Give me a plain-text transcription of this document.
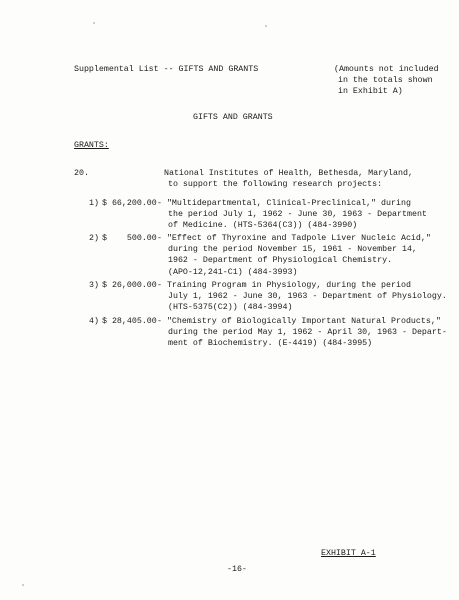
Supplemental List -- GIFTS AND GRANTS	(Amounts not included
in the totals shown
in Exhibit A)
GIFTS AND GRANTS
GRANTS:
20.	National Institutes of Health, Bethesda, Maryland,
to support the following research projects:
1) $ 66,200.00 - "Multidepartmental, Clinical-Preclinical," during
the period July 1, 1962 - June 30, 1963 - Department
of Medicine. (HTS-5364(C3)) (484-3990)
2) $    500.00 - "Effect of Thyroxine and Tadpole Liver Nucleic Acid,"
during the period November 15, 1961 - November 14,
1962 - Department of Physiological Chemistry.
(APO-12,241-C1) (484-3993)
3) $ 26,000.00 - Training Program in Physiology, during the period
July 1, 1962 - June 30, 1963 - Department of Physiology.
(HTS-5375(C2)) (484-3994)
4) $ 28,405.00 - "Chemistry of Biologically Important Natural Products,"
during the period May 1, 1962 - April 30, 1963 - Depart-
ment of Biochemistry. (E-4419) (484-3995)
EXHIBIT A-1
-16-
